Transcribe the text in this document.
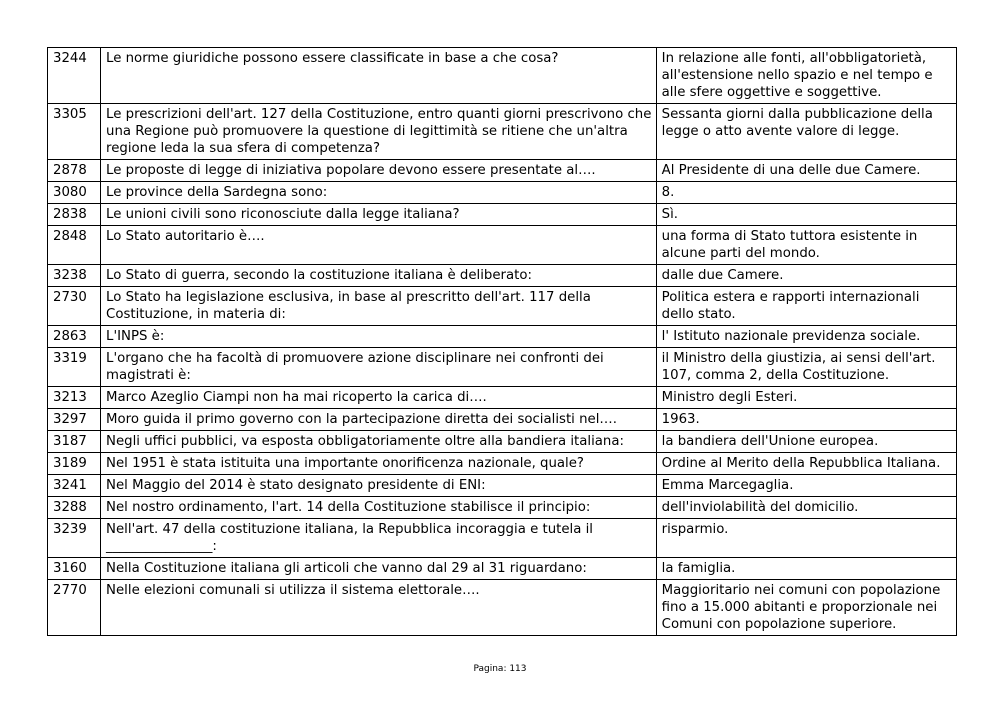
3244	Le norme giuridiche possono essere classificate in base a che cosa?	In relazione alle fonti, all'obbligatorietà, all'estensione nello spazio e nel tempo e alle sfere oggettive e soggettive.
3305	Le prescrizioni dell'art. 127 della Costituzione, entro quanti giorni prescrivono che una Regione può promuovere la questione di legittimità se ritiene che un'altra regione leda la sua sfera di competenza?	Sessanta giorni dalla pubblicazione della legge o atto avente valore di legge.
2878	Le proposte di legge di iniziativa popolare devono essere presentate al….	Al Presidente di una delle due Camere.
3080	Le province della Sardegna sono:	8.
2838	Le unioni civili sono riconosciute dalla legge italiana?	Sì.
2848	Lo Stato autoritario è….	una forma di Stato tuttora esistente in alcune parti del mondo.
3238	Lo Stato di guerra, secondo la costituzione italiana è deliberato:	dalle due Camere.
2730	Lo Stato ha legislazione esclusiva, in base al prescritto dell'art. 117 della Costituzione, in materia di:	Politica estera e rapporti internazionali dello stato.
2863	L'INPS è:	l' Istituto nazionale previdenza sociale.
3319	L'organo che ha facoltà di promuovere azione disciplinare nei confronti dei magistrati è:	il Ministro della giustizia, ai sensi dell'art. 107, comma 2, della Costituzione.
3213	Marco Azeglio Ciampi non ha mai ricoperto la carica di….	Ministro degli Esteri.
3297	Moro guida il primo governo con la partecipazione diretta dei socialisti nel….	1963.
3187	Negli uffici pubblici, va esposta obbligatoriamente oltre alla bandiera italiana:	la bandiera dell'Unione europea.
3189	Nel 1951 è stata istituita una importante onorificenza nazionale, quale?	Ordine al Merito della Repubblica Italiana.
3241	Nel Maggio del 2014 è stato designato presidente di ENI:	Emma Marcegaglia.
3288	Nel nostro ordinamento, l'art. 14 della Costituzione stabilisce il principio:	dell'inviolabilità del domicilio.
3239	Nell'art. 47 della costituzione italiana, la Repubblica incoraggia e tutela il ________________:	risparmio.
3160	Nella Costituzione italiana gli articoli che vanno dal 29 al 31 riguardano:	la famiglia.
2770	Nelle elezioni comunali si utilizza il sistema elettorale….	Maggioritario nei comuni con popolazione fino a 15.000 abitanti e proporzionale nei Comuni con popolazione superiore.
Pagina: 113
